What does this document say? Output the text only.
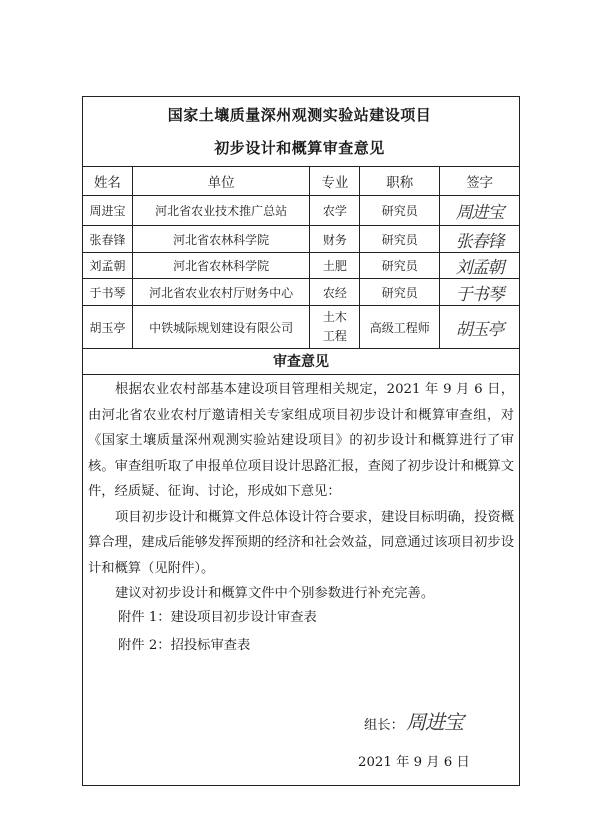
国家土壤质量深州观测实验站建设项目
初步设计和概算审查意见
姓名	单位	专业	职称	签字
周进宝	河北省农业技术推广总站	农学	研究员	周进宝
张春锋	河北省农林科学院	财务	研究员	张春锋
刘孟朝	河北省农林科学院	土肥	研究员	刘孟朝
于书琴	河北省农业农村厅财务中心	农经	研究员	于书琴
胡玉亭	中铁城际规划建设有限公司	土木工程	高级工程师	胡玉亭
审查意见

根据农业农村部基本建设项目管理相关规定，2021 年 9 月 6 日，由河北省农业农村厅邀请相关专家组成项目初步设计和概算审查组，对《国家土壤质量深州观测实验站建设项目》的初步设计和概算进行了审核。审查组听取了申报单位项目设计思路汇报，查阅了初步设计和概算文件，经质疑、征询、讨论，形成如下意见：

项目初步设计和概算文件总体设计符合要求，建设目标明确，投资概算合理，建成后能够发挥预期的经济和社会效益，同意通过该项目初步设计和概算（见附件）。

建议对初步设计和概算文件中个别参数进行补充完善。

附件 1：建设项目初步设计审查表
附件 2：招投标审查表
组长： 周进宝
2021 年 9 月 6 日
